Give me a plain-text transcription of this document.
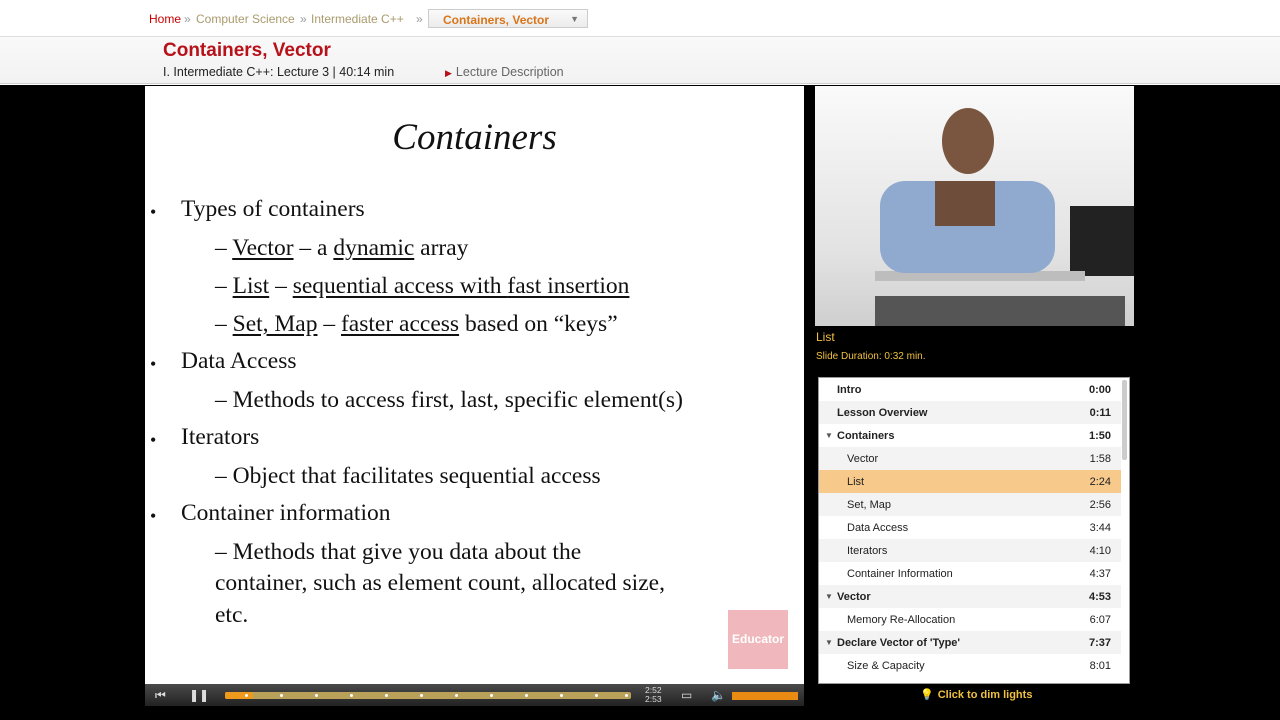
Home » Computer Science » Intermediate C++ »	Containers, Vector ▼
Containers, Vector
I. Intermediate C++: Lecture 3 | 40:14 min	▶ Lecture Description
Containers
• Types of containers
– Vector – a dynamic array
– List – sequential access with fast insertion
– Set, Map – faster access based on “keys”
• Data Access
– Methods to access first, last, specific element(s)
• Iterators
– Object that facilitates sequential access
• Container information
– Methods that give you data about the
container, such as element count, allocated size,
etc.
Educator
⏮ ❚❚	2:52
2:53 ▭ 🔈
List
Slide Duration: 0:32 min.
Intro	0:00
Lesson Overview	0:11
▼ Containers	1:50
Vector	1:58
List	2:24
Set, Map	2:56
Data Access	3:44
Iterators	4:10
Container Information	4:37
▼ Vector	4:53
Memory Re-Allocation	6:07
▼ Declare Vector of 'Type'	7:37
Size & Capacity	8:01
💡 Click to dim lights
